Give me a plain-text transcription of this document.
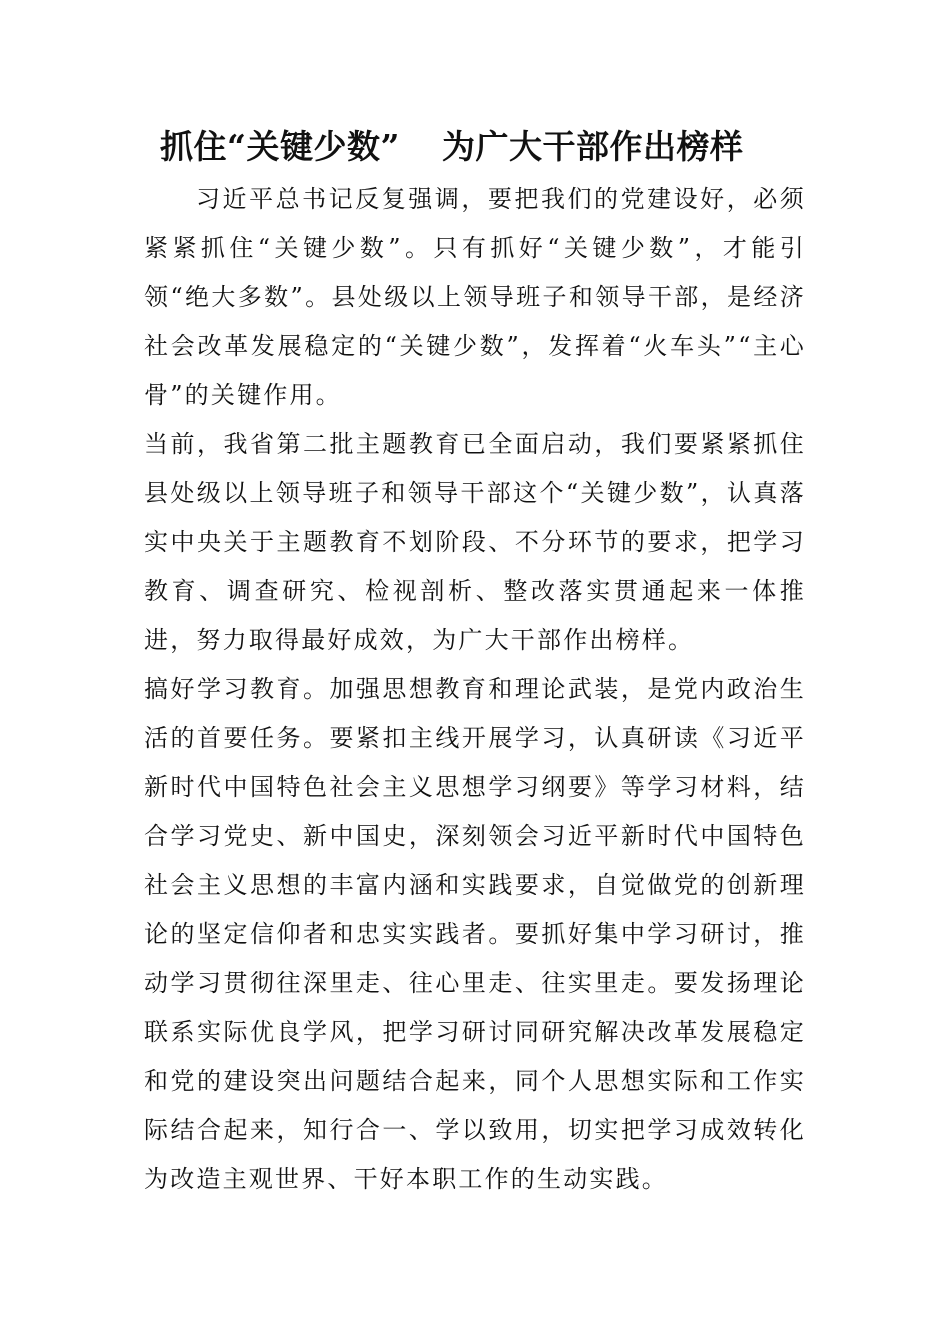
抓住“关键少数” 为广大干部作出榜样

习近平总书记反复强调，要把我们的党建设好，必须紧紧抓住“关键少数”。只有抓好“关键少数”，才能引领“绝大多数”。县处级以上领导班子和领导干部，是经济社会改革发展稳定的“关键少数”，发挥着“火车头”“主心骨”的关键作用。

当前，我省第二批主题教育已全面启动，我们要紧紧抓住县处级以上领导班子和领导干部这个“关键少数”，认真落实中央关于主题教育不划阶段、不分环节的要求，把学习教育、调查研究、检视剖析、整改落实贯通起来一体推进，努力取得最好成效，为广大干部作出榜样。

搞好学习教育。加强思想教育和理论武装，是党内政治生活的首要任务。要紧扣主线开展学习，认真研读《习近平新时代中国特色社会主义思想学习纲要》等学习材料，结合学习党史、新中国史，深刻领会习近平新时代中国特色社会主义思想的丰富内涵和实践要求，自觉做党的创新理论的坚定信仰者和忠实实践者。要抓好集中学习研讨，推动学习贯彻往深里走、往心里走、往实里走。要发扬理论联系实际优良学风，把学习研讨同研究解决改革发展稳定和党的建设突出问题结合起来，同个人思想实际和工作实际结合起来，知行合一、学以致用，切实把学习成效转化为改造主观世界、干好本职工作的生动实践。
